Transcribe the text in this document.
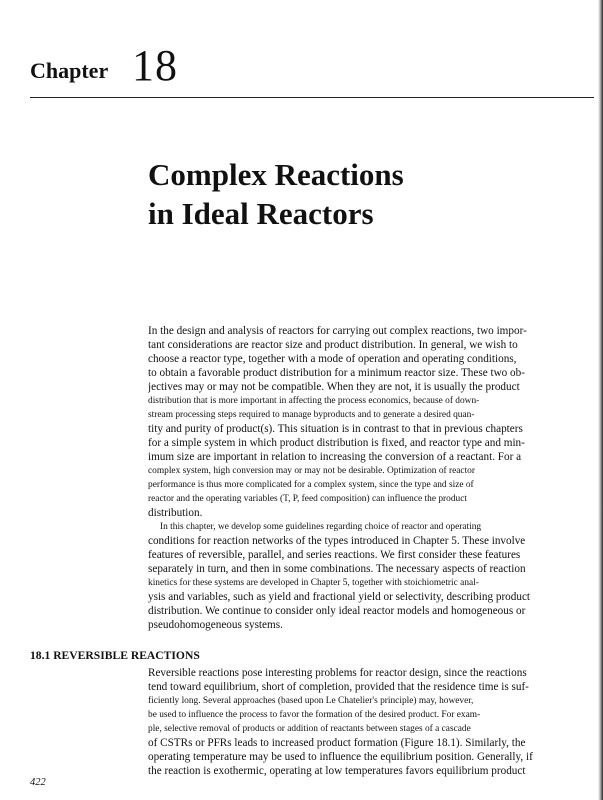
Chapter 18
Complex Reactions
in Ideal Reactors

In the design and analysis of reactors for carrying out complex reactions, two impor-
tant considerations are reactor size and product distribution. In general, we wish to
choose a reactor type, together with a mode of operation and operating conditions,
to obtain a favorable product distribution for a minimum reactor size. These two ob-
jectives may or may not be compatible. When they are not, it is usually the product
distribution that is more important in affecting the process economics, because of down-
stream processing steps required to manage byproducts and to generate a desired quan-
tity and purity of product(s). This situation is in contrast to that in previous chapters
for a simple system in which product distribution is fixed, and reactor type and min-
imum size are important in relation to increasing the conversion of a reactant. For a
complex system, high conversion may or may not be desirable. Optimization of reactor
performance is thus more complicated for a complex system, since the type and size of
reactor and the operating variables (T, P, feed composition) can influence the product
distribution.

In this chapter, we develop some guidelines regarding choice of reactor and operating
conditions for reaction networks of the types introduced in Chapter 5. These involve
features of reversible, parallel, and series reactions. We first consider these features
separately in turn, and then in some combinations. The necessary aspects of reaction
kinetics for these systems are developed in Chapter 5, together with stoichiometric anal-
ysis and variables, such as yield and fractional yield or selectivity, describing product
distribution. We continue to consider only ideal reactor models and homogeneous or
pseudohomogeneous systems.

18.1 REVERSIBLE REACTIONS

Reversible reactions pose interesting problems for reactor design, since the reactions
tend toward equilibrium, short of completion, provided that the residence time is suf-
ficiently long. Several approaches (based upon Le Chatelier's principle) may, however,
be used to influence the process to favor the formation of the desired product. For exam-
ple, selective removal of products or addition of reactants between stages of a cascade
of CSTRs or PFRs leads to increased product formation (Figure 18.1). Similarly, the
operating temperature may be used to influence the equilibrium position. Generally, if
the reaction is exothermic, operating at low temperatures favors equilibrium product

422
